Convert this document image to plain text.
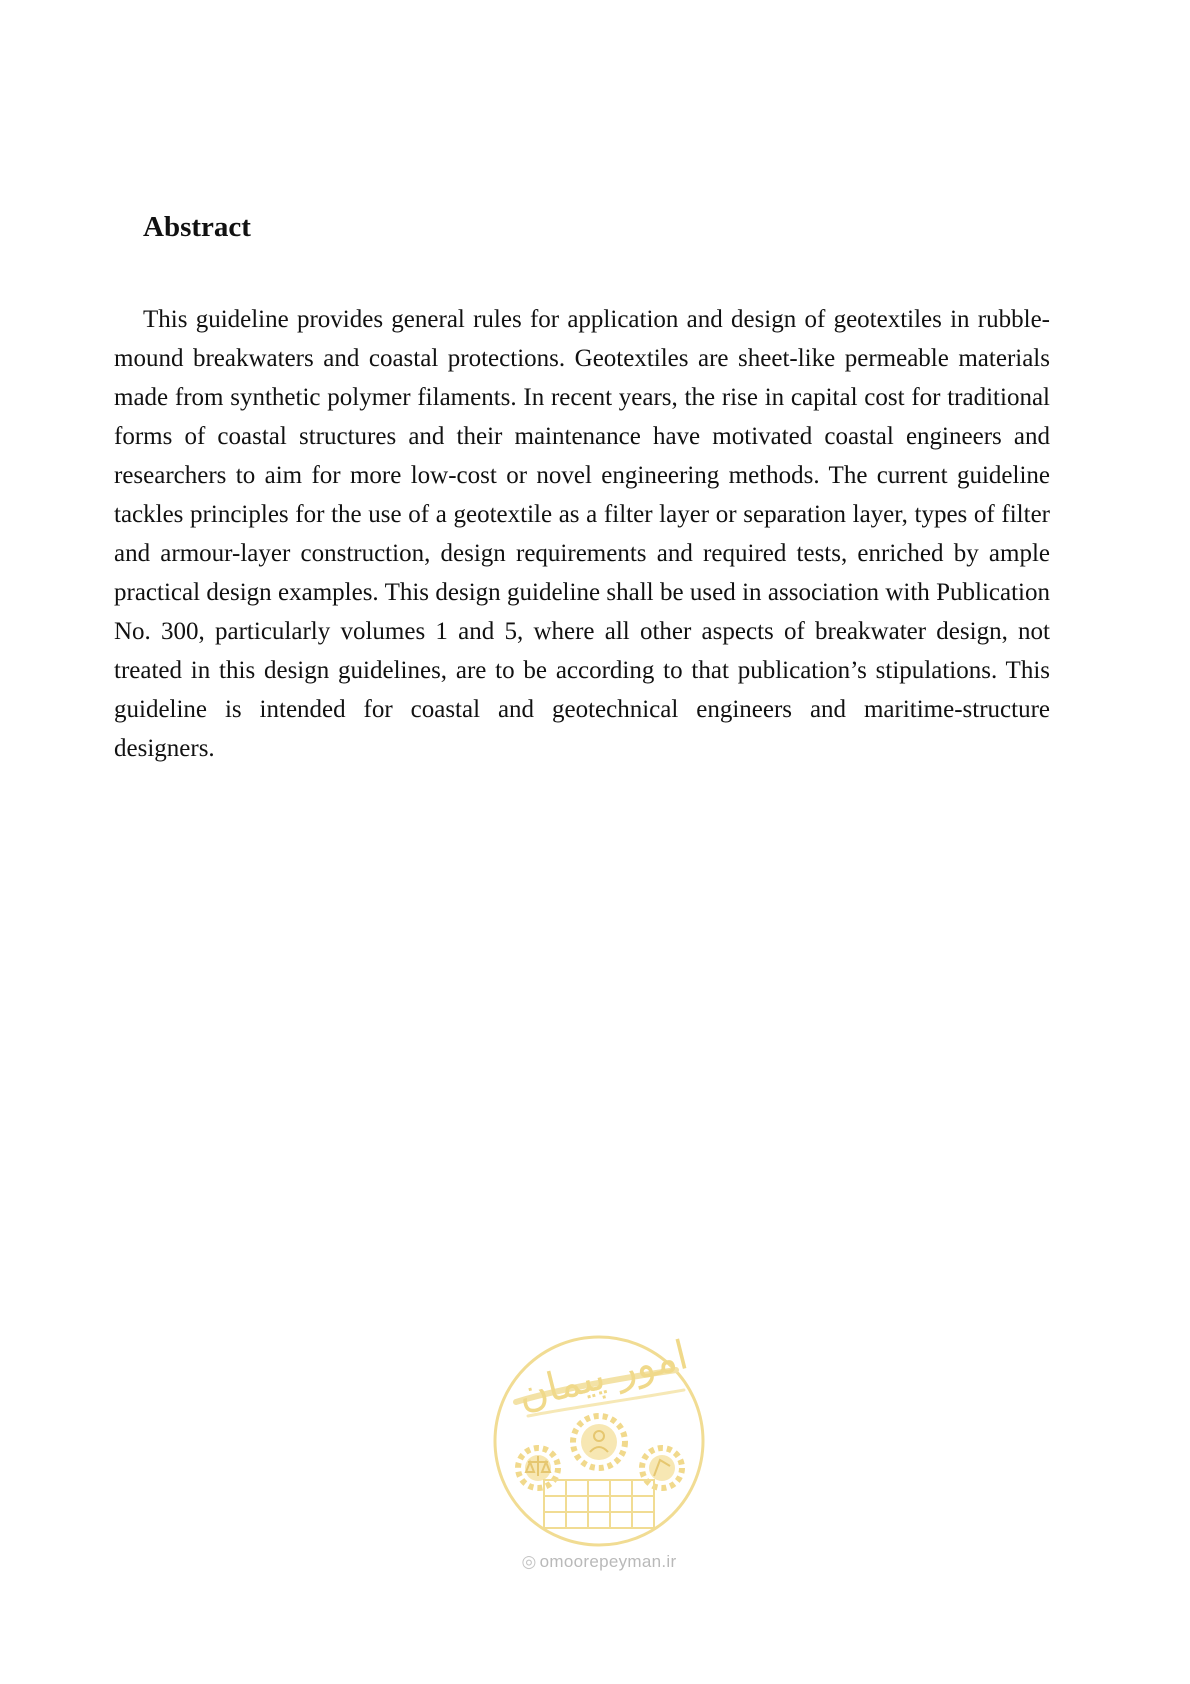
Abstract

This guideline provides general rules for application and design of geotextiles in rubble-mound breakwaters and coastal protections. Geotextiles are sheet-like permeable materials made from synthetic polymer filaments. In recent years, the rise in capital cost for traditional forms of coastal structures and their maintenance have motivated coastal engineers and researchers to aim for more low-cost or novel engineering methods. The current guideline tackles principles for the use of a geotextile as a filter layer or separation layer, types of filter and armour-layer construction, design requirements and required tests, enriched by ample practical design examples. This design guideline shall be used in association with Publication No. 300, particularly volumes 1 and 5, where all other aspects of breakwater design, not treated in this design guidelines, are to be according to that publication’s stipulations. This guideline is intended for coastal and geotechnical engineers and maritime-structure designers.

امور پیمان
◎ omoorepeyman.ir
